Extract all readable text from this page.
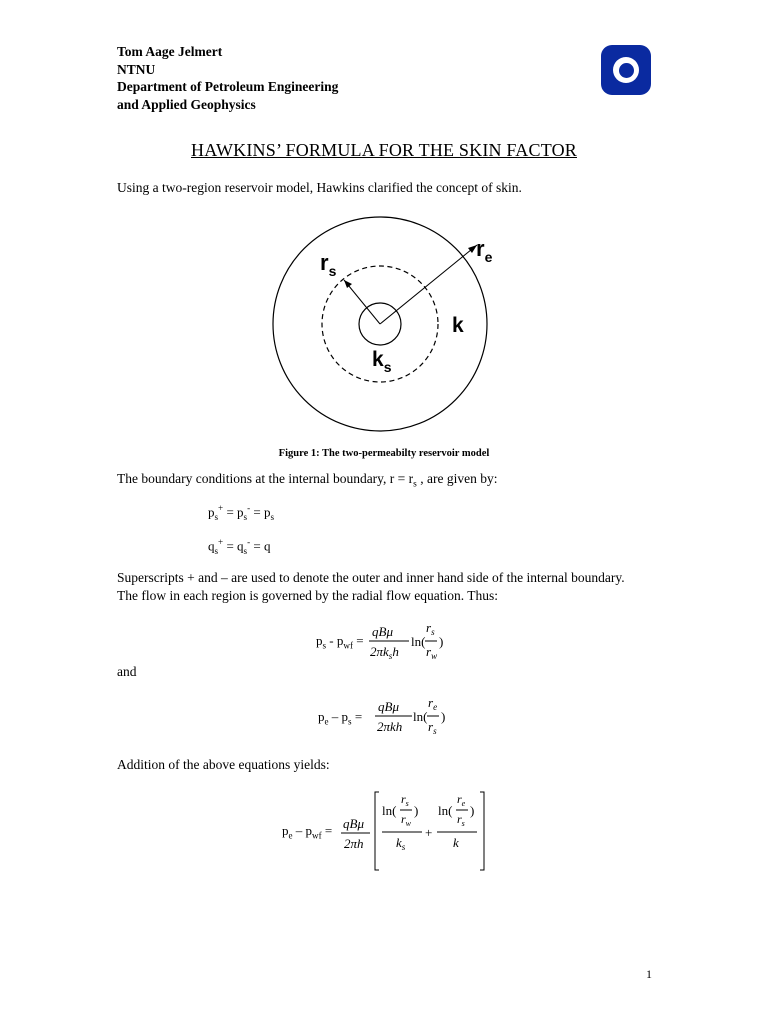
Tom Aage Jelmert
NTNU
Department of Petroleum Engineering
and Applied Geophysics
HAWKINS’ FORMULA FOR THE SKIN FACTOR
Using a two-region reservoir model, Hawkins clarified the concept of skin.
$r_s$
$r_e$
k
$k_s$
Figure 1: The two-permeabilty reservoir model
The boundary conditions at the internal boundary, $r = r_s$ , are given by:
$p_s^+ = p_s^- = p_s$
$q_s^+ = q_s^- = q$
Superscripts + and – are used to denote the outer and inner hand side of the internal boundary. The flow in each region is governed by the radial flow equation. Thus:
$p_s - p_{wf}$ =
qBμ
$2\pi k_sh$
$r_s$
$r_w$
ln( )
and
$p_e - p_s$ =
qBμ
2πkh
$r_e$
$r_s$
ln( )
Addition of the above equations yields:
$p_e - p_{wf} = qB\mu$
2πh
ln(
$r_s$
$r_w$
)
$k_s$
+
ln(
$r_e$
$r_s$
)
k
1
